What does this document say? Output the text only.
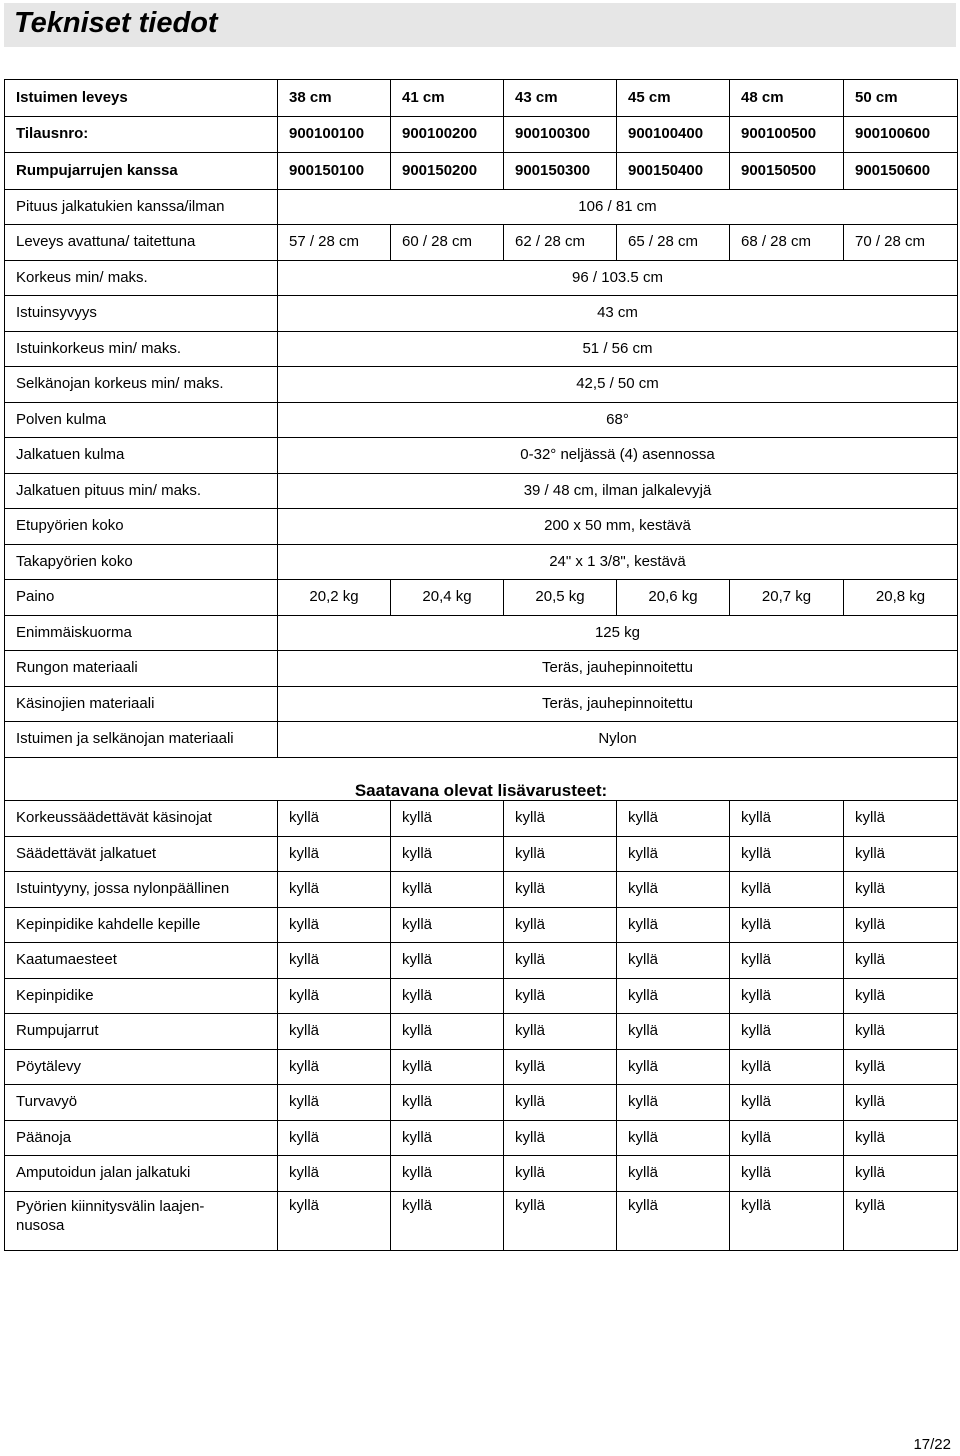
Tekniset tiedot
Istuimen leveys	38 cm	41 cm	43 cm	45 cm	48 cm	50 cm
Tilausnro:	900100100	900100200	900100300	900100400	900100500	900100600
Rumpujarrujen kanssa	900150100	900150200	900150300	900150400	900150500	900150600
Pituus jalkatukien kanssa/ilman	106 / 81 cm					
Leveys avattuna/ taitettuna	57 / 28 cm	60 / 28 cm	62 / 28 cm	65 / 28 cm	68 / 28 cm	70 / 28 cm
Korkeus min/ maks.	96 / 103.5 cm					
Istuinsyvyys	43 cm					
Istuinkorkeus min/ maks.	51 / 56 cm					
Selkänojan korkeus min/ maks.	42,5 / 50 cm					
Polven kulma	68°					
Jalkatuen kulma	0-32° neljässä (4) asennossa					
Jalkatuen pituus min/ maks.	39 / 48 cm, ilman jalkalevyjä					
Etupyörien koko	200 x 50 mm, kestävä					
Takapyörien koko	24" x 1 3/8", kestävä					
Paino	20,2 kg	20,4 kg	20,5 kg	20,6 kg	20,7 kg	20,8 kg
Enimmäiskuorma	125 kg					
Rungon materiaali	Teräs, jauhepinnoitettu					
Käsinojien materiaali	Teräs, jauhepinnoitettu					
Istuimen ja selkänojan materiaali	Nylon					
Saatavana olevat lisävarusteet:						
Korkeussäädettävät käsinojat	kyllä	kyllä	kyllä	kyllä	kyllä	kyllä
Säädettävät jalkatuet	kyllä	kyllä	kyllä	kyllä	kyllä	kyllä
Istuintyyny, jossa nylonpäällinen	kyllä	kyllä	kyllä	kyllä	kyllä	kyllä
Kepinpidike kahdelle kepille	kyllä	kyllä	kyllä	kyllä	kyllä	kyllä
Kaatumaesteet	kyllä	kyllä	kyllä	kyllä	kyllä	kyllä
Kepinpidike	kyllä	kyllä	kyllä	kyllä	kyllä	kyllä
Rumpujarrut	kyllä	kyllä	kyllä	kyllä	kyllä	kyllä
Pöytälevy	kyllä	kyllä	kyllä	kyllä	kyllä	kyllä
Turvavyö	kyllä	kyllä	kyllä	kyllä	kyllä	kyllä
Päänoja	kyllä	kyllä	kyllä	kyllä	kyllä	kyllä
Amputoidun jalan jalkatuki	kyllä	kyllä	kyllä	kyllä	kyllä	kyllä
Pyörien kiinnitysvälin laajen-
nusosa	kyllä	kyllä	kyllä	kyllä	kyllä	kyllä
17/22
